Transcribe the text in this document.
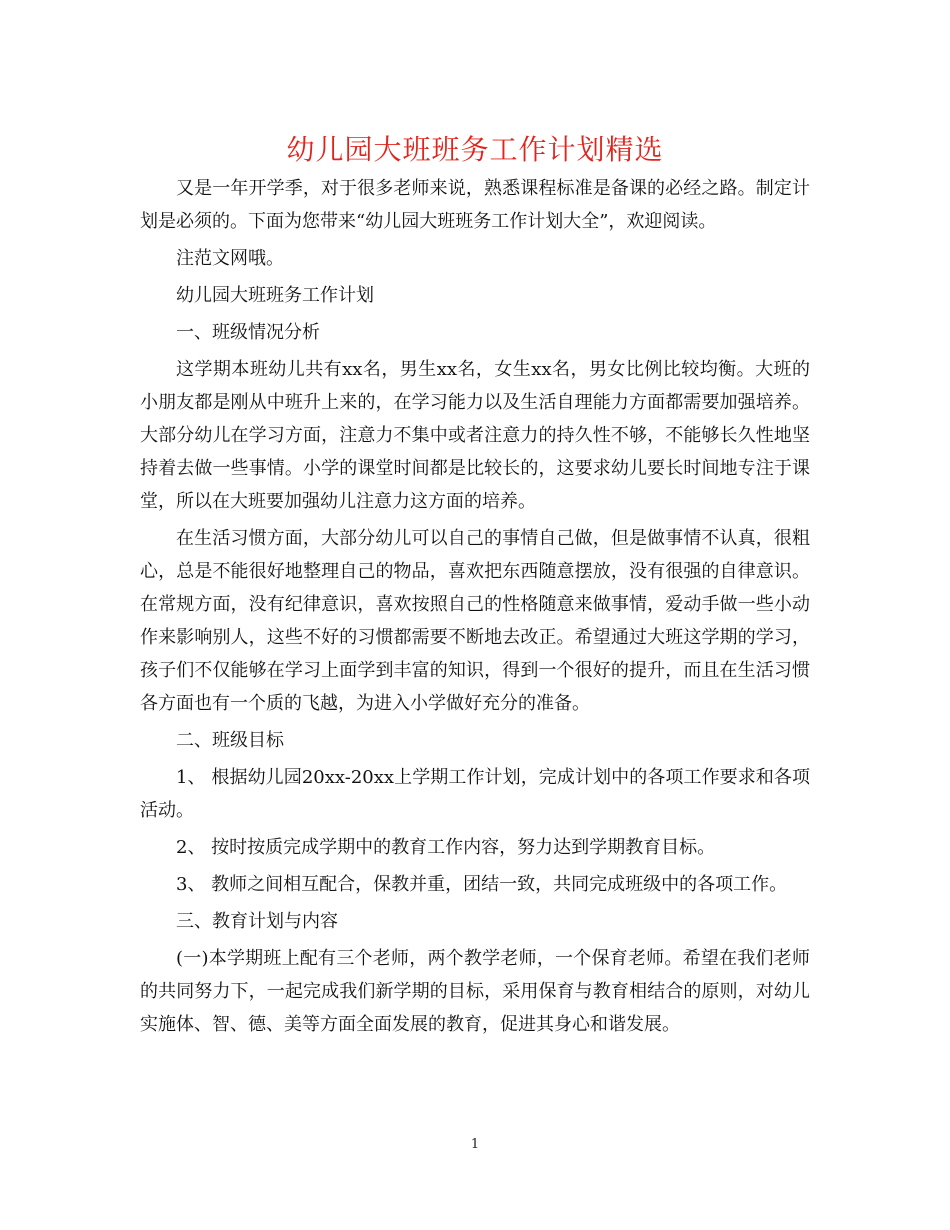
幼儿园大班班务工作计划精选

又是一年开学季，对于很多老师来说，熟悉课程标准是备课的必经之路。制定计划是必须的。下面为您带来“幼儿园大班班务工作计划大全”，欢迎阅读。

注范文网哦。

幼儿园大班班务工作计划

一、班级情况分析

这学期本班幼儿共有xx名，男生xx名，女生xx名，男女比例比较均衡。大班的小朋友都是刚从中班升上来的，在学习能力以及生活自理能力方面都需要加强培养。大部分幼儿在学习方面，注意力不集中或者注意力的持久性不够，不能够长久性地坚持着去做一些事情。小学的课堂时间都是比较长的，这要求幼儿要长时间地专注于课堂，所以在大班要加强幼儿注意力这方面的培养。

在生活习惯方面，大部分幼儿可以自己的事情自己做，但是做事情不认真，很粗心，总是不能很好地整理自己的物品，喜欢把东西随意摆放，没有很强的自律意识。在常规方面，没有纪律意识，喜欢按照自己的性格随意来做事情，爱动手做一些小动作来影响别人，这些不好的习惯都需要不断地去改正。希望通过大班这学期的学习，孩子们不仅能够在学习上面学到丰富的知识，得到一个很好的提升，而且在生活习惯各方面也有一个质的飞越，为进入小学做好充分的准备。

二、班级目标

1、 根据幼儿园20xx-20xx上学期工作计划，完成计划中的各项工作要求和各项活动。

2、 按时按质完成学期中的教育工作内容，努力达到学期教育目标。

3、 教师之间相互配合，保教并重，团结一致，共同完成班级中的各项工作。

三、教育计划与内容

(一)本学期班上配有三个老师，两个教学老师，一个保育老师。希望在我们老师的共同努力下，一起完成我们新学期的目标，采用保育与教育相结合的原则，对幼儿实施体、智、德、美等方面全面发展的教育，促进其身心和谐发展。

1
